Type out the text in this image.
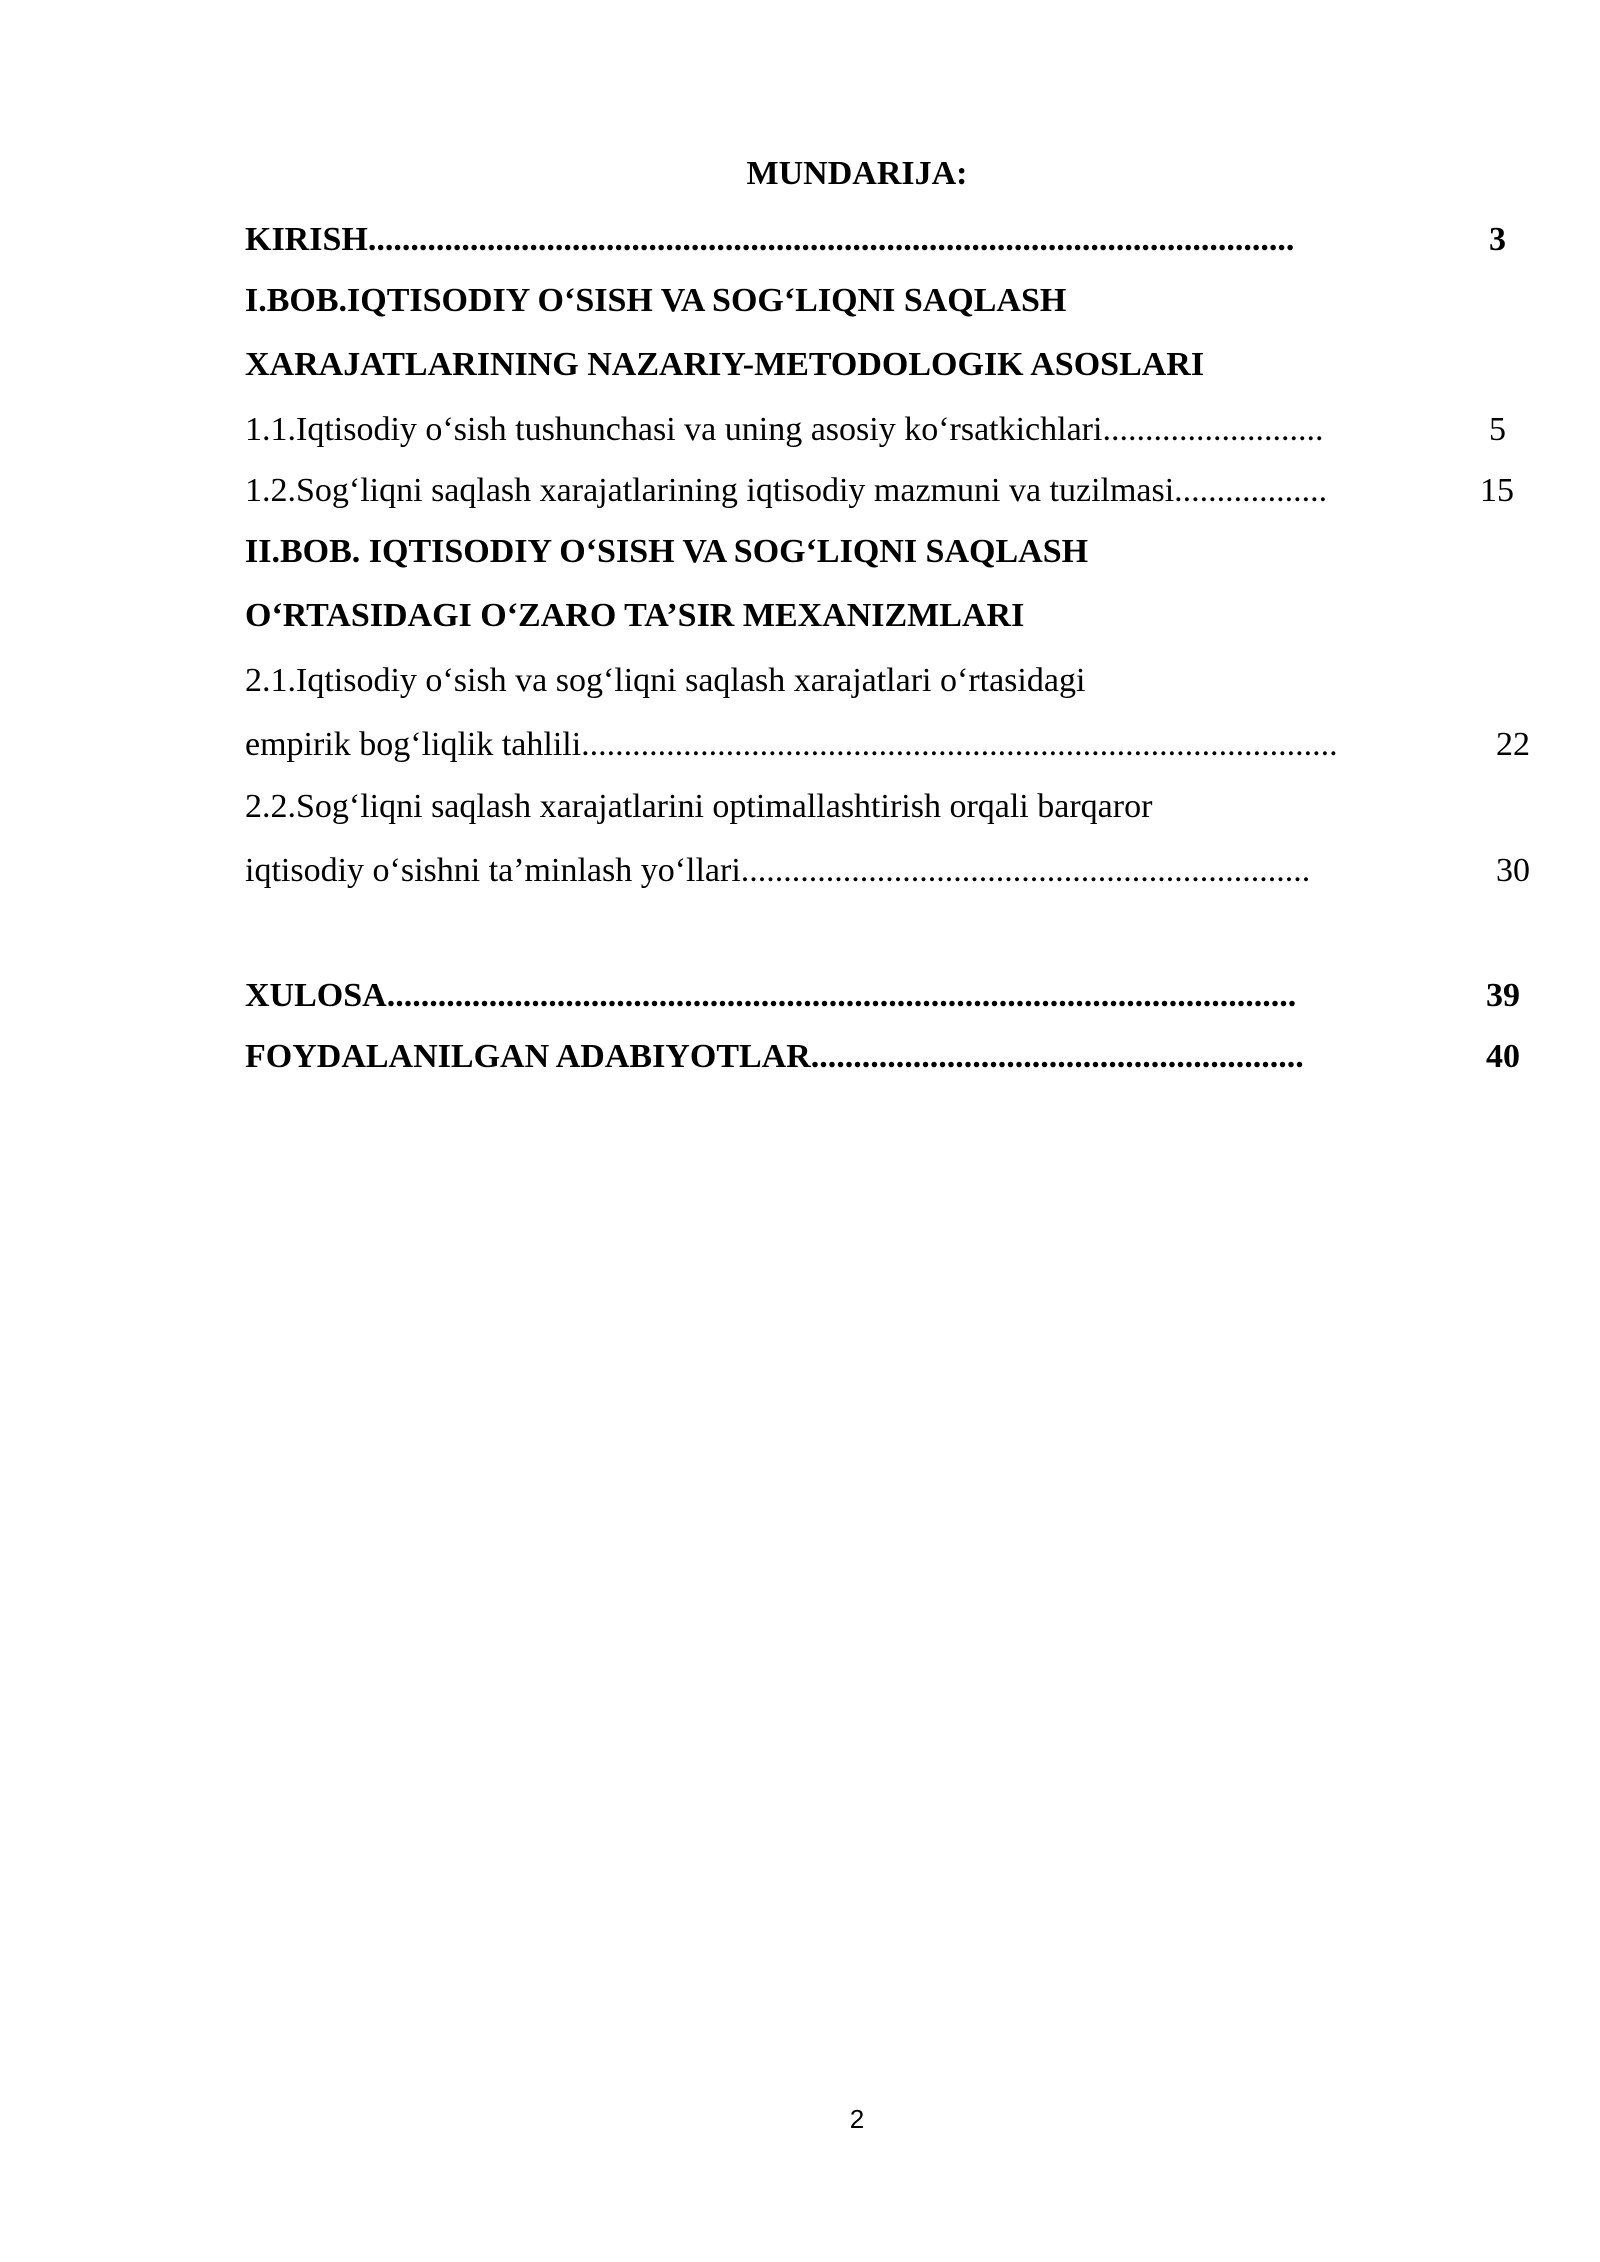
MUNDARIJA:
KIRISH.............................................................................................................	3
I.BOB.IQTISODIY O‘SISH VA SOG‘LIQNI SAQLASH
XARAJATLARINING NAZARIY-METODOLOGIK ASOSLARI
1.1.Iqtisodiy o‘sish tushunchasi va uning asosiy ko‘rsatkichlari..........................	5
1.2.Sog‘liqni saqlash xarajatlarining iqtisodiy mazmuni va tuzilmasi..................	15
II.BOB. IQTISODIY O‘SISH VA SOG‘LIQNI SAQLASH
O‘RTASIDAGI O‘ZARO TA’SIR MEXANIZMLARI
2.1.Iqtisodiy o‘sish va sog‘liqni saqlash xarajatlari o‘rtasidagi
empirik bog‘liqlik tahlili.........................................................................................	22
2.2.Sog‘liqni saqlash xarajatlarini optimallashtirish orqali barqaror
iqtisodiy o‘sishni ta’minlash yo‘llari...................................................................	30
XULOSA...........................................................................................................	39
FOYDALANILGAN ADABIYOTLAR..........................................................	40
2
